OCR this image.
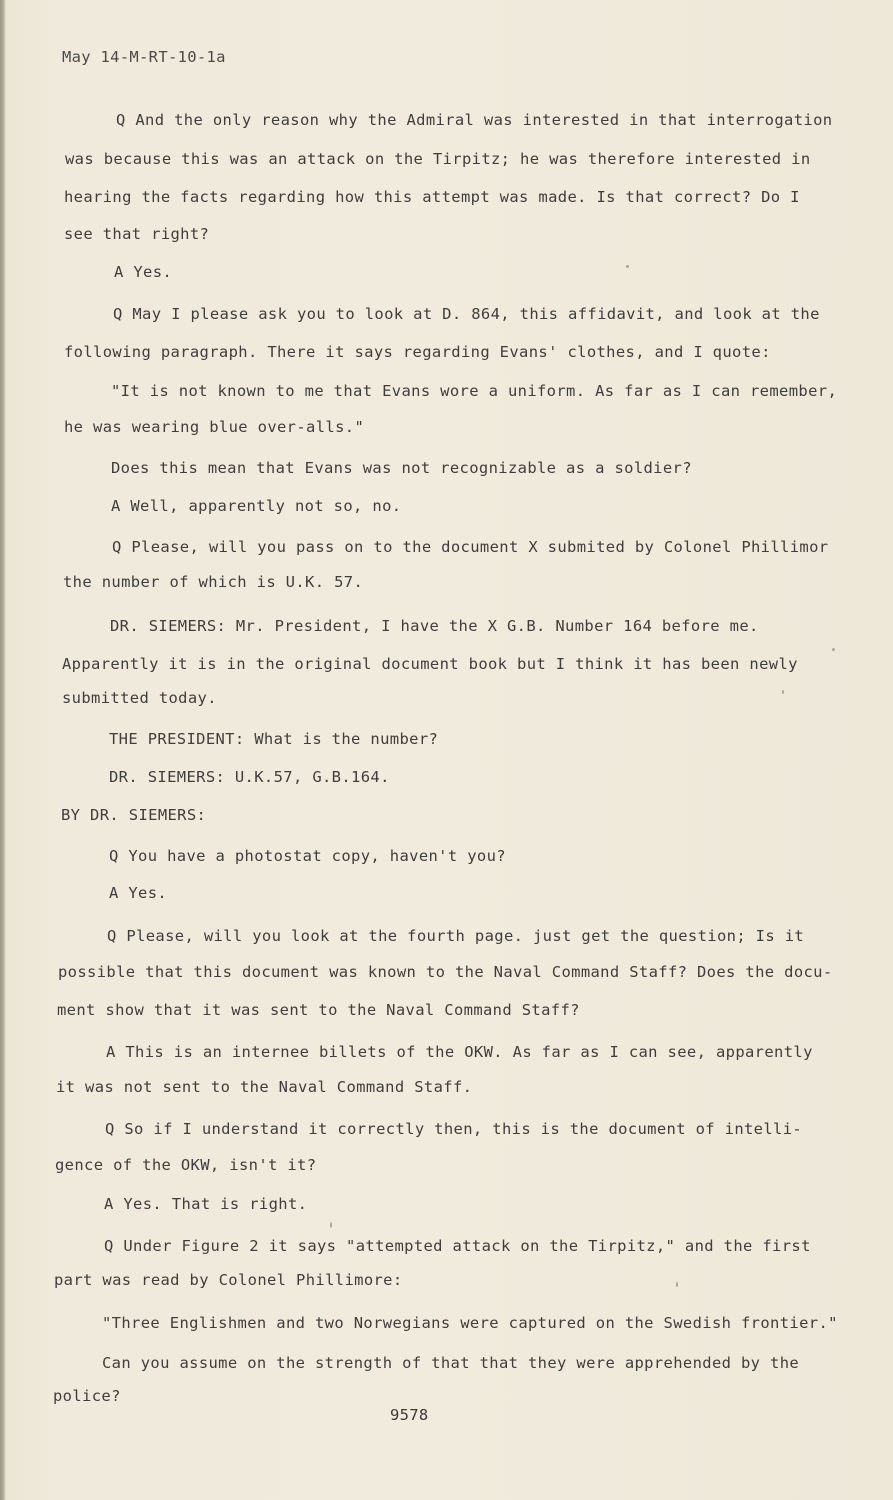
May 14-M-RT-10-1a
Q And the only reason why the Admiral was interested in that interrogation
was because this was an attack on the Tirpitz; he was therefore interested in
hearing the facts regarding how this attempt was made. Is that correct? Do I
see that right?
A Yes.
Q May I please ask you to look at D. 864, this affidavit, and look at the
following paragraph. There it says regarding Evans' clothes, and I quote:
"It is not known to me that Evans wore a uniform. As far as I can remember,
he was wearing blue over-alls."
Does this mean that Evans was not recognizable as a soldier?
A Well, apparently not so, no.
Q Please, will you pass on to the document X submited by Colonel Phillimor
the number of which is U.K. 57.
DR. SIEMERS: Mr. President, I have the X G.B. Number 164 before me.
Apparently it is in the original document book but I think it has been newly
submitted today.
THE PRESIDENT: What is the number?
DR. SIEMERS: U.K.57, G.B.164.
BY DR. SIEMERS:
Q You have a photostat copy, haven't you?
A Yes.
Q Please, will you look at the fourth page. just get the question; Is it
possible that this document was known to the Naval Command Staff? Does the docu-
ment show that it was sent to the Naval Command Staff?
A This is an internee billets of the OKW. As far as I can see, apparently
it was not sent to the Naval Command Staff.
Q So if I understand it correctly then, this is the document of intelli-
gence of the OKW, isn't it?
A Yes. That is right.
Q Under Figure 2 it says "attempted attack on the Tirpitz," and the first
part was read by Colonel Phillimore:
"Three Englishmen and two Norwegians were captured on the Swedish frontier."
Can you assume on the strength of that that they were apprehended by the
police?
9578
